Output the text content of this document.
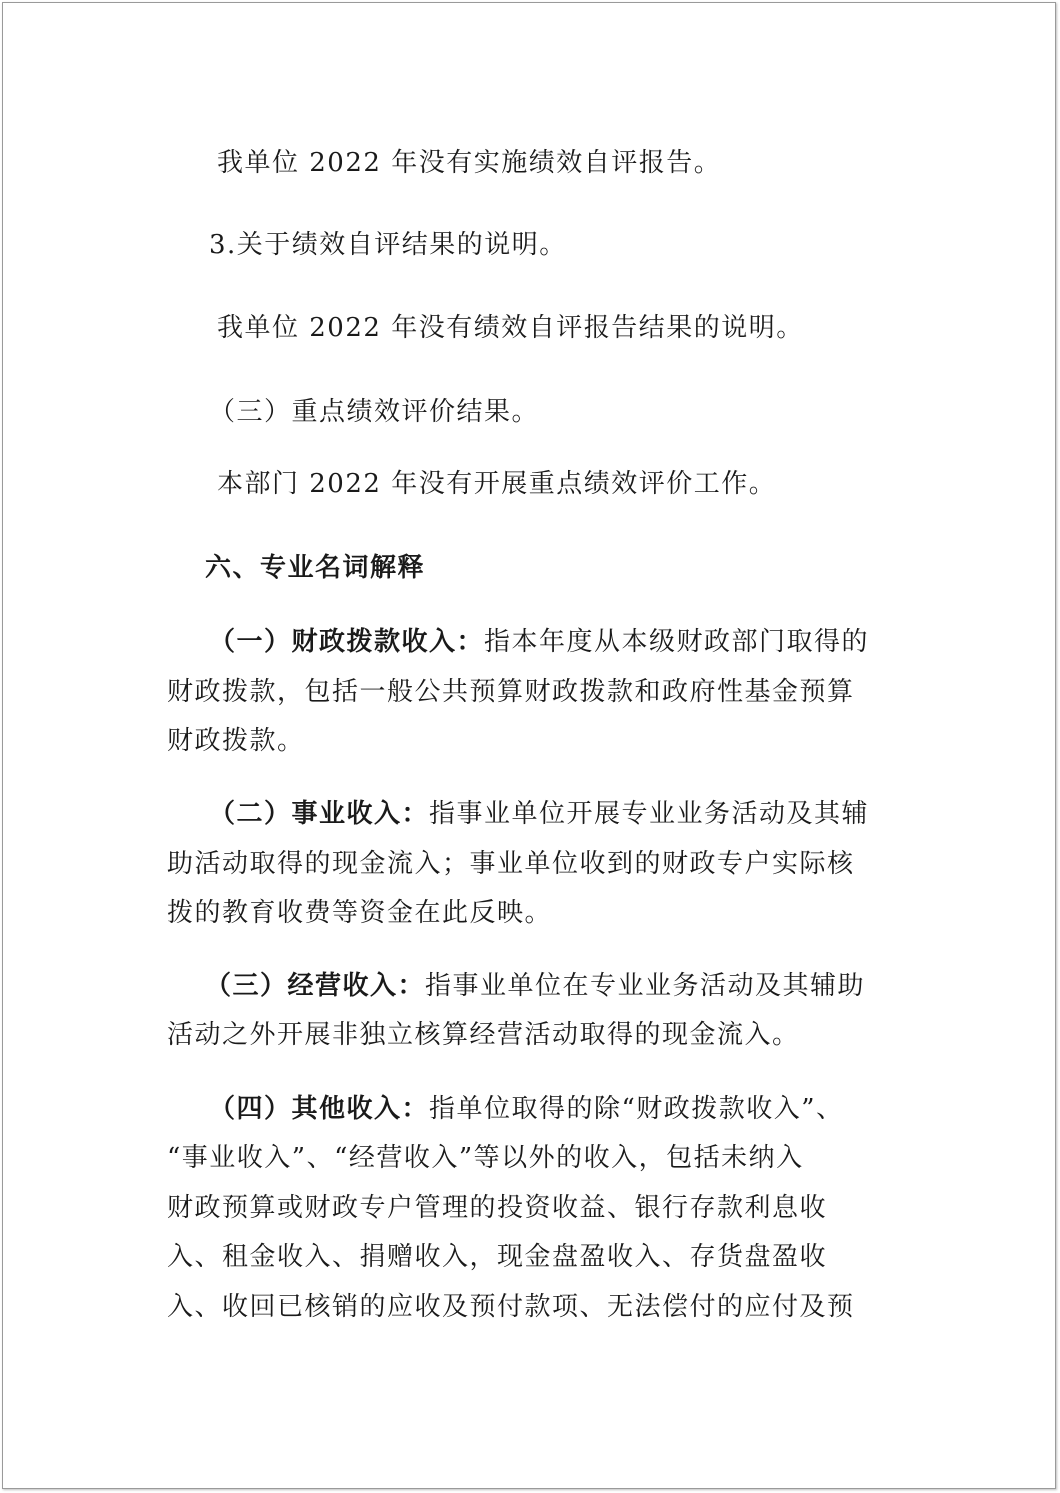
我单位 2022 年没有实施绩效自评报告。
3.关于绩效自评结果的说明。
我单位 2022 年没有绩效自评报告结果的说明。
（三）重点绩效评价结果。
本部门 2022 年没有开展重点绩效评价工作。
六、专业名词解释
（一）财政拨款收入：指本年度从本级财政部门取得的
财政拨款，包括一般公共预算财政拨款和政府性基金预算
财政拨款。
（二）事业收入：指事业单位开展专业业务活动及其辅
助活动取得的现金流入；事业单位收到的财政专户实际核
拨的教育收费等资金在此反映。
（三）经营收入：指事业单位在专业业务活动及其辅助
活动之外开展非独立核算经营活动取得的现金流入。
（四）其他收入：指单位取得的除“财政拨款收入”、
“事业收入”、“经营收入”等以外的收入，包括未纳入
财政预算或财政专户管理的投资收益、银行存款利息收
入、租金收入、捐赠收入，现金盘盈收入、存货盘盈收
入、收回已核销的应收及预付款项、无法偿付的应付及预
